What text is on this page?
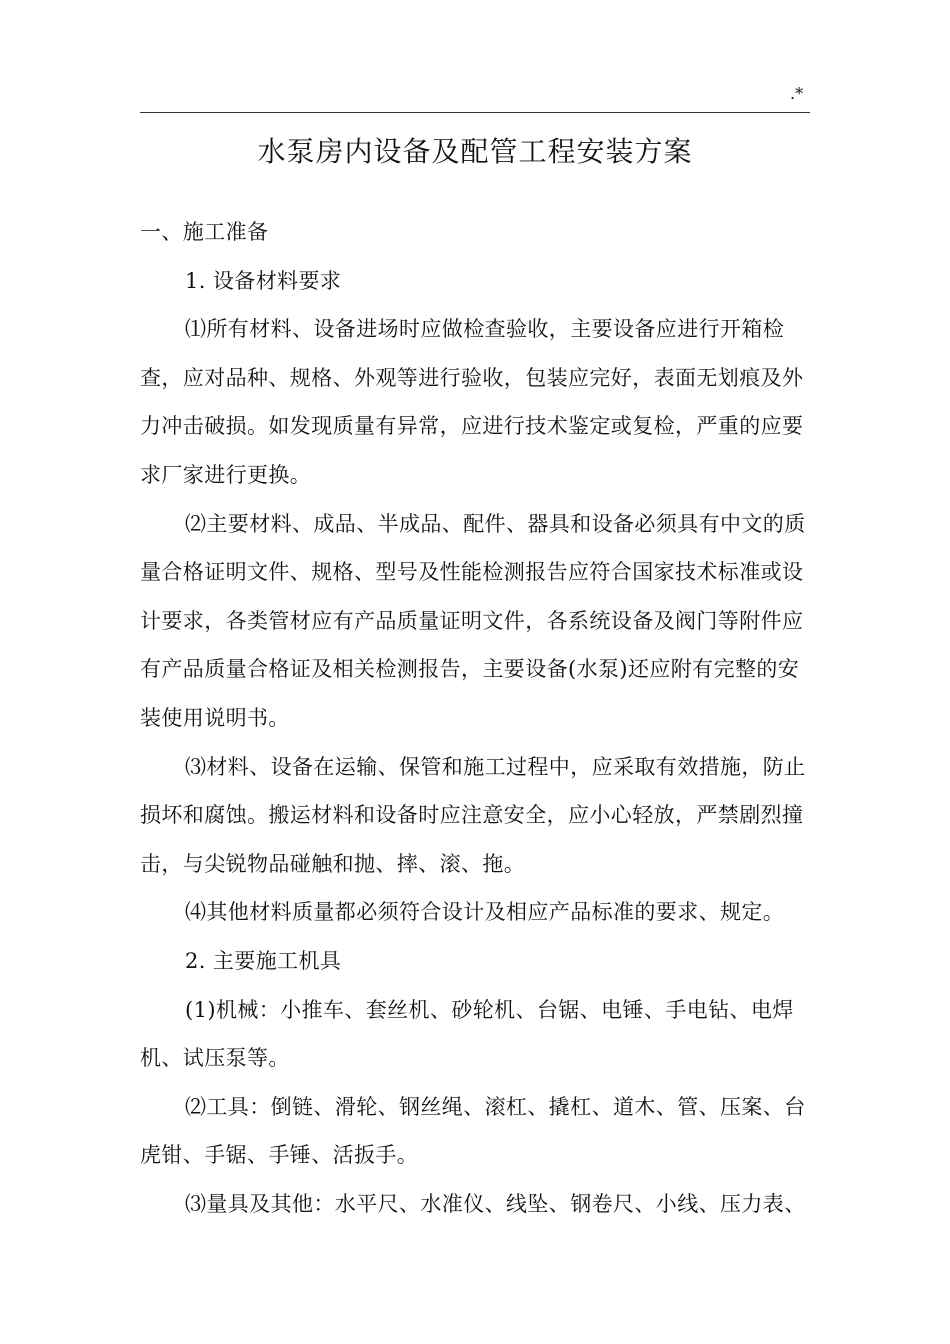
.*
水泵房内设备及配管工程安装方案

一、施工准备

1. 设备材料要求

⑴所有材料、设备进场时应做检查验收，主要设备应进行开箱检查，应对品种、规格、外观等进行验收，包装应完好，表面无划痕及外力冲击破损。如发现质量有异常，应进行技术鉴定或复检，严重的应要求厂家进行更换。

⑵主要材料、成品、半成品、配件、器具和设备必须具有中文的质量合格证明文件、规格、型号及性能检测报告应符合国家技术标准或设计要求，各类管材应有产品质量证明文件，各系统设备及阀门等附件应有产品质量合格证及相关检测报告，主要设备(水泵)还应附有完整的安装使用说明书。

⑶材料、设备在运输、保管和施工过程中，应采取有效措施，防止损坏和腐蚀。搬运材料和设备时应注意安全，应小心轻放，严禁剧烈撞击，与尖锐物品碰触和抛、摔、滚、拖。

⑷其他材料质量都必须符合设计及相应产品标准的要求、规定。

2. 主要施工机具

(1)机械：小推车、套丝机、砂轮机、台锯、电锤、手电钻、电焊机、试压泵等。

⑵工具：倒链、滑轮、钢丝绳、滚杠、撬杠、道木、管、压案、台虎钳、手锯、手锤、活扳手。

⑶量具及其他：水平尺、水准仪、线坠、钢卷尺、小线、压力表、
